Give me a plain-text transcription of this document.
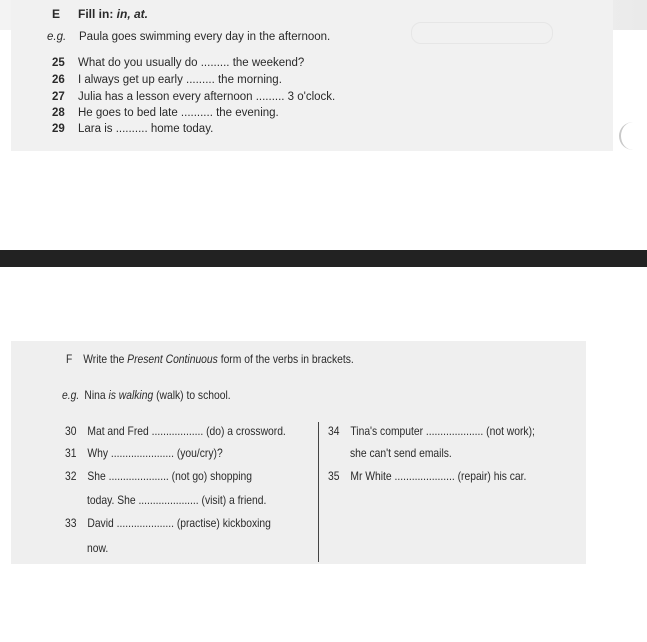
E Fill in: in, at.
e.g. Paula goes swimming every day in the afternoon.
25 What do you usually do ......... the weekend?
26 I always get up early ......... the morning.
27 Julia has a lesson every afternoon ......... 3 o'clock.
28 He goes to bed late .......... the evening.
29 Lara is .......... home today.
F Write the Present Continuous form of the verbs in brackets.
e.g. Nina is walking (walk) to school.
30 Mat and Fred .................. (do) a crossword.
31 Why ...................... (you/cry)?
32 She ..................... (not go) shopping
today. She ..................... (visit) a friend.
33 David .................... (practise) kickboxing
now.
34 Tina's computer .................... (not work);
she can't send emails.
35 Mr White ..................... (repair) his car.
